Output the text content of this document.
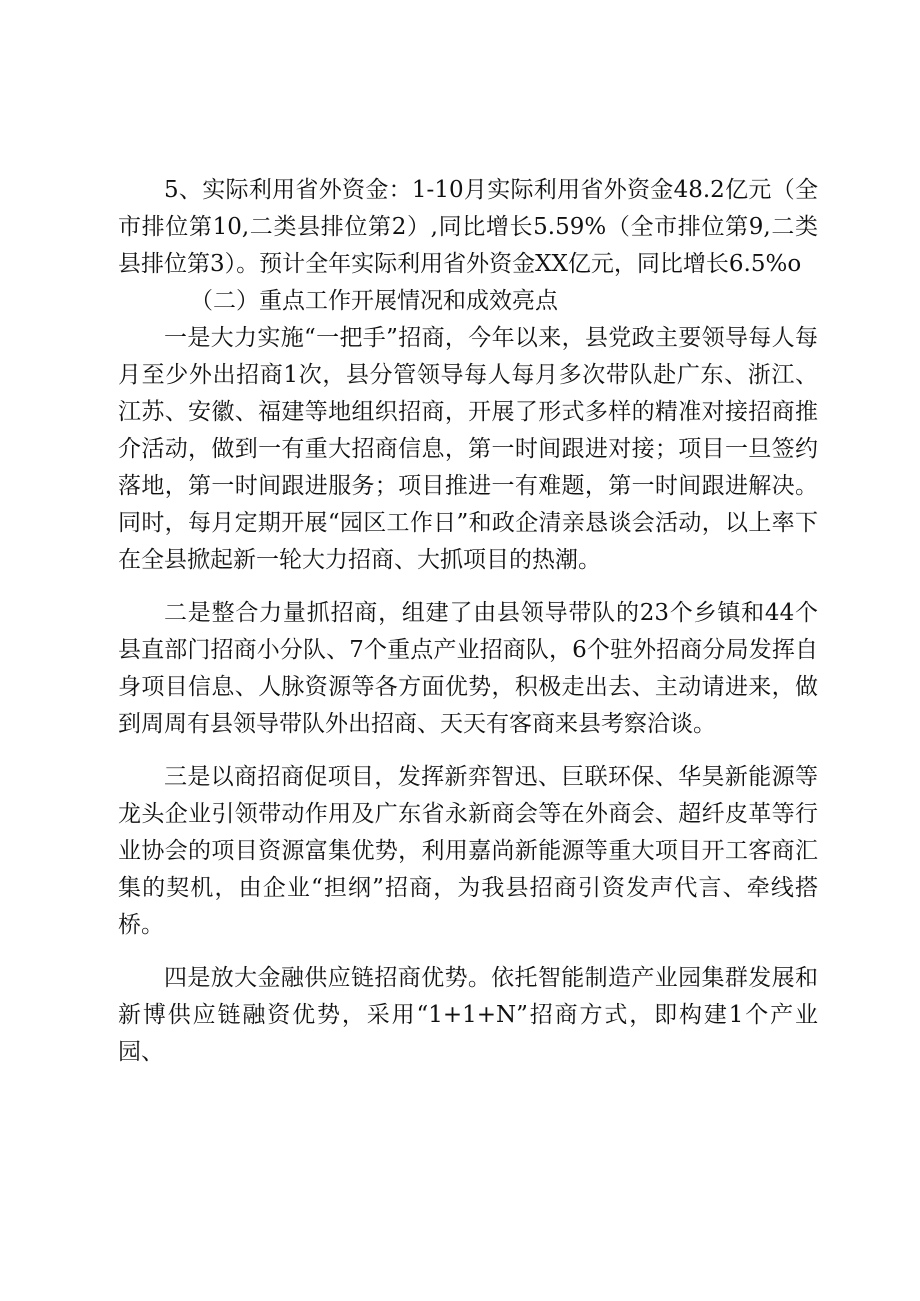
5、实际利用省外资金：1-10月实际利用省外资金48.2亿元（全市排位第10,二类县排位第2）,同比增长5.59%（全市排位第9,二类县排位第3）。预计全年实际利用省外资金XX亿元，同比增长6.5%o

（二）重点工作开展情况和成效亮点

一是大力实施“一把手”招商，今年以来，县党政主要领导每人每月至少外出招商1次，县分管领导每人每月多次带队赴广东、浙江、江苏、安徽、福建等地组织招商，开展了形式多样的精准对接招商推介活动，做到一有重大招商信息，第一时间跟进对接；项目一旦签约落地，第一时间跟进服务；项目推进一有难题，第一时间跟进解决。同时，每月定期开展“园区工作日”和政企清亲恳谈会活动，以上率下在全县掀起新一轮大力招商、大抓项目的热潮。

二是整合力量抓招商，组建了由县领导带队的23个乡镇和44个县直部门招商小分队、7个重点产业招商队，6个驻外招商分局发挥自身项目信息、人脉资源等各方面优势，积极走出去、主动请进来，做到周周有县领导带队外出招商、天天有客商来县考察洽谈。

三是以商招商促项目，发挥新弈智迅、巨联环保、华昊新能源等龙头企业引领带动作用及广东省永新商会等在外商会、超纤皮革等行业协会的项目资源富集优势，利用嘉尚新能源等重大项目开工客商汇集的契机，由企业“担纲”招商，为我县招商引资发声代言、牵线搭桥。

四是放大金融供应链招商优势。依托智能制造产业园集群发展和新博供应链融资优势，采用“1+1+N”招商方式，即构建1个产业园、
